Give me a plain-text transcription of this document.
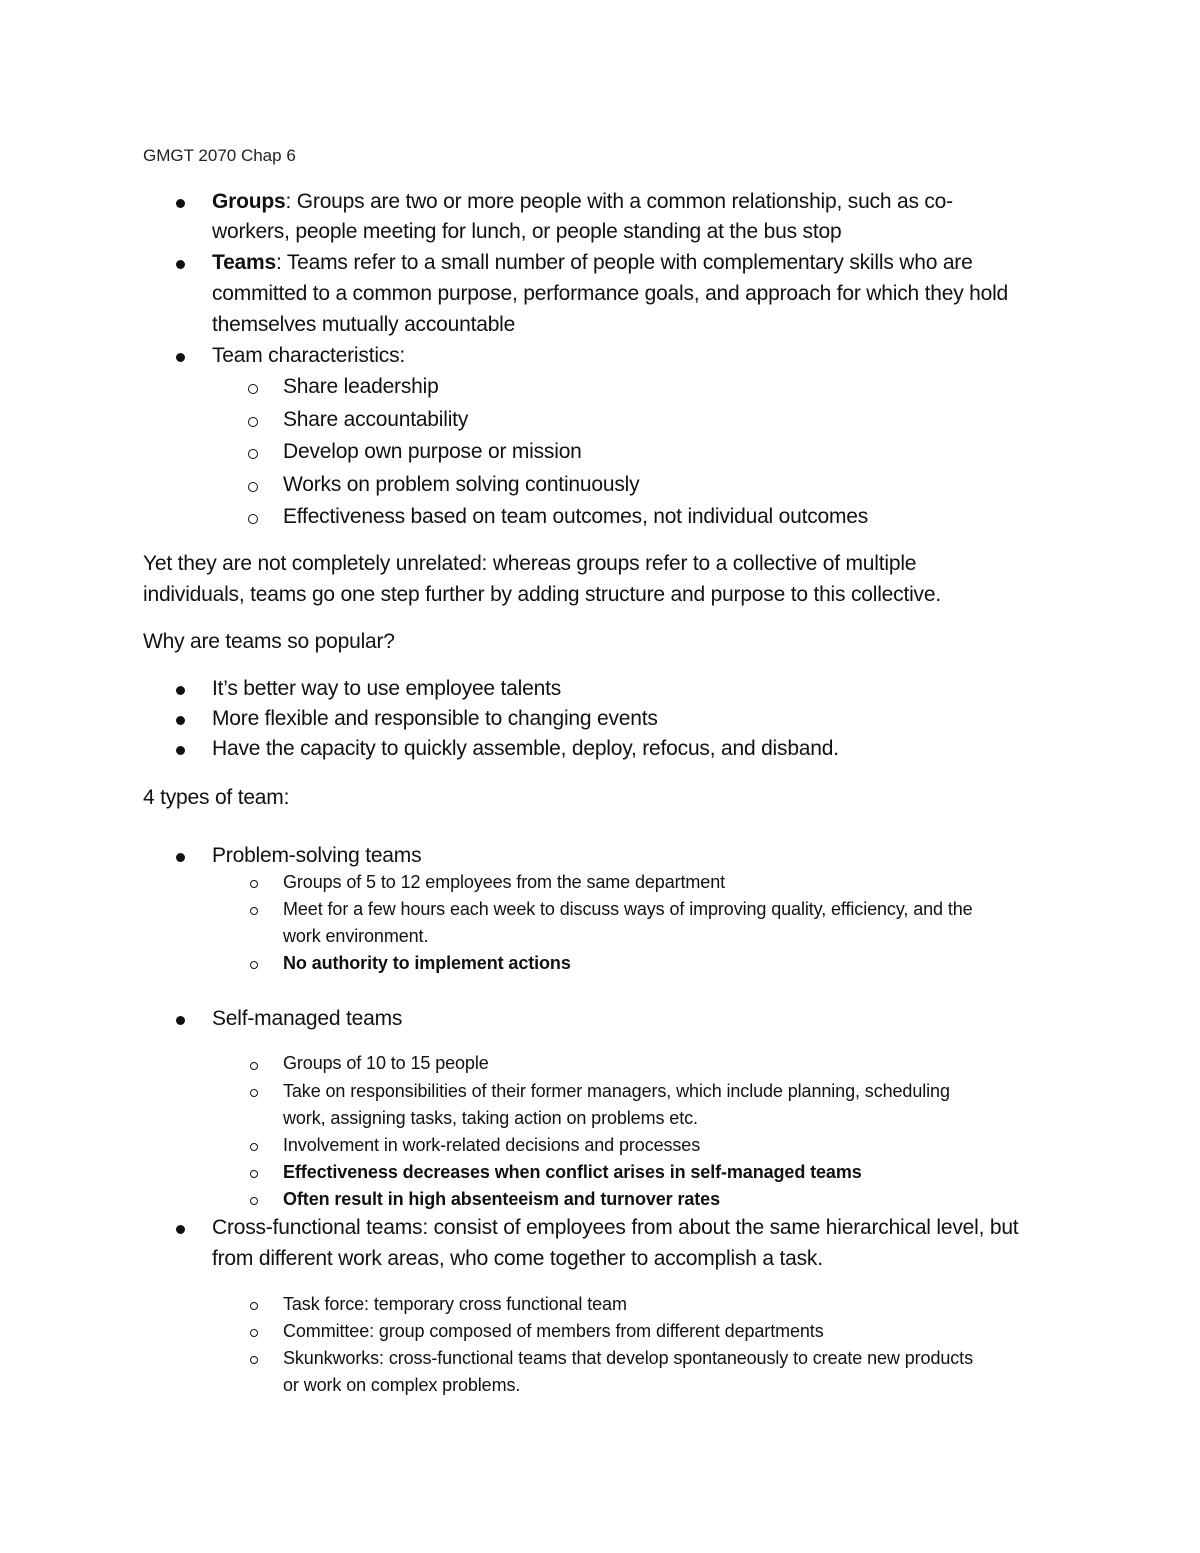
GMGT 2070 Chap 6
Groups: Groups are two or more people with a common relationship, such as co-
workers, people meeting for lunch, or people standing at the bus stop
Teams: Teams refer to a small number of people with complementary skills who are
committed to a common purpose, performance goals, and approach for which they hold
themselves mutually accountable
Team characteristics:
Share leadership
Share accountability
Develop own purpose or mission
Works on problem solving continuously
Effectiveness based on team outcomes, not individual outcomes
Yet they are not completely unrelated: whereas groups refer to a collective of multiple
individuals, teams go one step further by adding structure and purpose to this collective.
Why are teams so popular?
It’s better way to use employee talents
More flexible and responsible to changing events
Have the capacity to quickly assemble, deploy, refocus, and disband.
4 types of team:
Problem-solving teams
Groups of 5 to 12 employees from the same department
Meet for a few hours each week to discuss ways of improving quality, efficiency, and the
work environment.
No authority to implement actions
Self-managed teams
Groups of 10 to 15 people
Take on responsibilities of their former managers, which include planning, scheduling
work, assigning tasks, taking action on problems etc.
Involvement in work-related decisions and processes
Effectiveness decreases when conflict arises in self-managed teams
Often result in high absenteeism and turnover rates
Cross-functional teams: consist of employees from about the same hierarchical level, but
from different work areas, who come together to accomplish a task.
Task force: temporary cross functional team
Committee: group composed of members from different departments
Skunkworks: cross-functional teams that develop spontaneously to create new products
or work on complex problems.
